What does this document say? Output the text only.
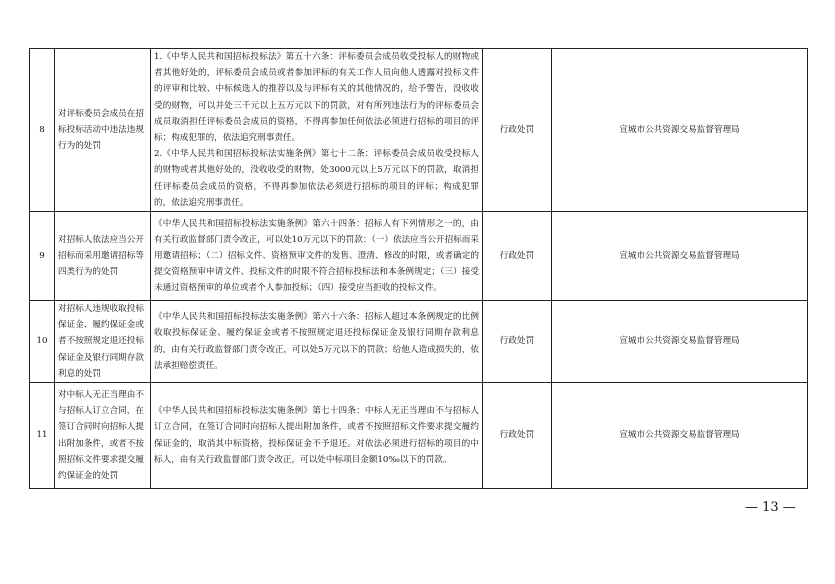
8	对评标委员会成员在招标投标活动中违法违规行为的处罚	1.《中华人民共和国招标投标法》第五十六条：评标委员会成员收受投标人的财物或者其他好处的，评标委员会成员或者参加评标的有关工作人员向他人透露对投标文件的评审和比较、中标候选人的推荐以及与评标有关的其他情况的，给予警告，没收收受的财物，可以并处三千元以上五万元以下的罚款，对有所列违法行为的评标委员会成员取消担任评标委员会成员的资格，不得再参加任何依法必须进行招标的项目的评标；构成犯罪的，依法追究刑事责任。
2.《中华人民共和国招标投标法实施条例》第七十二条：评标委员会成员收受投标人的财物或者其他好处的，没收收受的财物，处3000元以上5万元以下的罚款，取消担任评标委员会成员的资格，不得再参加依法必须进行招标的项目的评标；构成犯罪的，依法追究刑事责任。	行政处罚	宣城市公共资源交易监督管理局
9	对招标人依法应当公开招标而采用邀请招标等四类行为的处罚	《中华人民共和国招标投标法实施条例》第六十四条：招标人有下列情形之一的，由有关行政监督部门责令改正，可以处10万元以下的罚款：（一）依法应当公开招标而采用邀请招标；（二）招标文件、资格预审文件的发售、澄清、修改的时限，或者确定的提交资格预审申请文件、投标文件的时限不符合招标投标法和本条例规定；（三）接受未通过资格预审的单位或者个人参加投标；（四）接受应当拒收的投标文件。	行政处罚	宣城市公共资源交易监督管理局
10	对招标人违规收取投标保证金、履约保证金或者不按照规定退还投标保证金及银行同期存款利息的处罚	《中华人民共和国招标投标法实施条例》第六十六条：招标人超过本条例规定的比例收取投标保证金、履约保证金或者不按照规定退还投标保证金及银行同期存款利息的，由有关行政监督部门责令改正，可以处5万元以下的罚款；给他人造成损失的，依法承担赔偿责任。	行政处罚	宣城市公共资源交易监督管理局
11	对中标人无正当理由不与招标人订立合同，在签订合同时向招标人提出附加条件，或者不按照招标文件要求提交履约保证金的处罚	《中华人民共和国招标投标法实施条例》第七十四条：中标人无正当理由不与招标人订立合同，在签订合同时向招标人提出附加条件，或者不按照招标文件要求提交履约保证金的，取消其中标资格，投标保证金不予退还。对依法必须进行招标的项目的中标人，由有关行政监督部门责令改正，可以处中标项目金额10‰以下的罚款。	行政处罚	宣城市公共资源交易监督管理局
— 13 —
